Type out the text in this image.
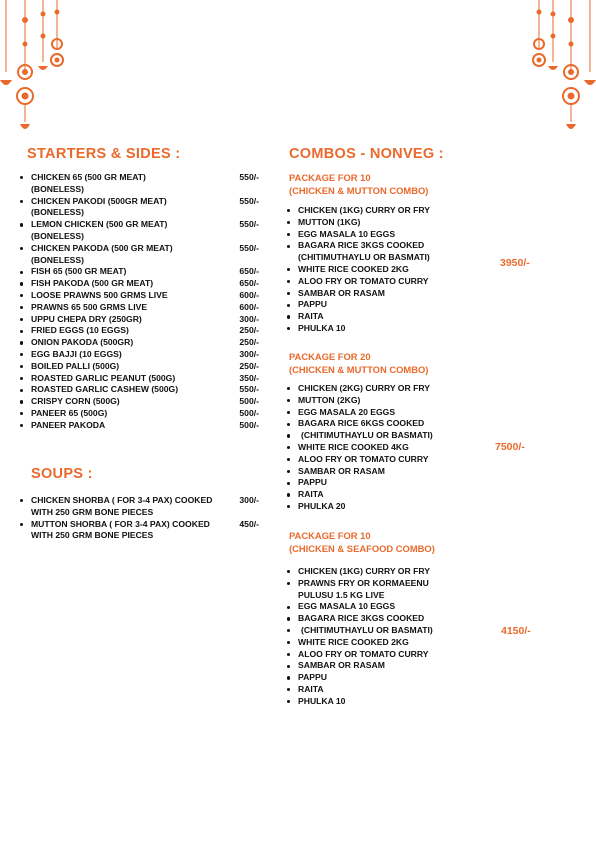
STARTERS & SIDES :
CHICKEN 65 (500 GR MEAT) (BONELESS)
550/-
CHICKEN PAKODI (500GR MEAT) (BONELESS)
550/-
LEMON CHICKEN (500 GR MEAT) (BONELESS)
550/-
CHICKEN PAKODA (500 GR MEAT) (BONELESS)
550/-
FISH 65 (500 GR MEAT)	650/-
FISH PAKODA (500 GR MEAT)	650/-
LOOSE PRAWNS 500 GRMS LIVE	600/-
PRAWNS 65 500 GRMS LIVE	600/-
UPPU CHEPA DRY (250GR)	300/-
FRIED EGGS (10 EGGS)	250/-
ONION PAKODA (500GR)	250/-
EGG BAJJI (10 EGGS)	300/-
BOILED PALLI (500G)	250/-
ROASTED GARLIC PEANUT (500G)	350/-
ROASTED GARLIC CASHEW (500G)	550/-
CRISPY CORN (500G)	500/-
PANEER 65 (500G)	500/-
PANEER PAKODA	500/-
SOUPS :
CHICKEN SHORBA ( FOR 3-4 PAX) COOKED WITH 250 GRM BONE PIECES
300/-
MUTTON SHORBA ( FOR 3-4 PAX) COOKED WITH 250 GRM BONE PIECES
450/-
COMBOS - NONVEG :
PACKAGE FOR 10
(CHICKEN & MUTTON COMBO)
CHICKEN (1KG) CURRY OR FRY
MUTTON (1KG)
EGG MASALA 10 EGGS
BAGARA RICE 3KGS COOKED (CHITIMUTHAYLU OR BASMATI)
WHITE RICE COOKED 2KG
ALOO FRY OR TOMATO CURRY
SAMBAR OR RASAM
PAPPU
RAITA
PHULKA 10
3950/-
PACKAGE FOR 20
(CHICKEN & MUTTON COMBO)
CHICKEN (2KG) CURRY OR FRY
MUTTON (2KG)
EGG MASALA 20 EGGS
BAGARA RICE 6KGS COOKED
(CHITIMUTHAYLU OR BASMATI)
WHITE RICE COOKED 4KG
ALOO FRY OR TOMATO CURRY
SAMBAR OR RASAM
PAPPU
RAITA
PHULKA 20
7500/-
PACKAGE FOR 10
(CHICKEN & SEAFOOD COMBO)
CHICKEN (1KG) CURRY OR FRY
PRAWNS FRY OR KORMAEENU PULUSU 1.5 KG LIVE
EGG MASALA 10 EGGS
BAGARA RICE 3KGS COOKED
(CHITIMUTHAYLU OR BASMATI)
WHITE RICE COOKED 2KG
ALOO FRY OR TOMATO CURRY
SAMBAR OR RASAM
PAPPU
RAITA
PHULKA 10
4150/-
